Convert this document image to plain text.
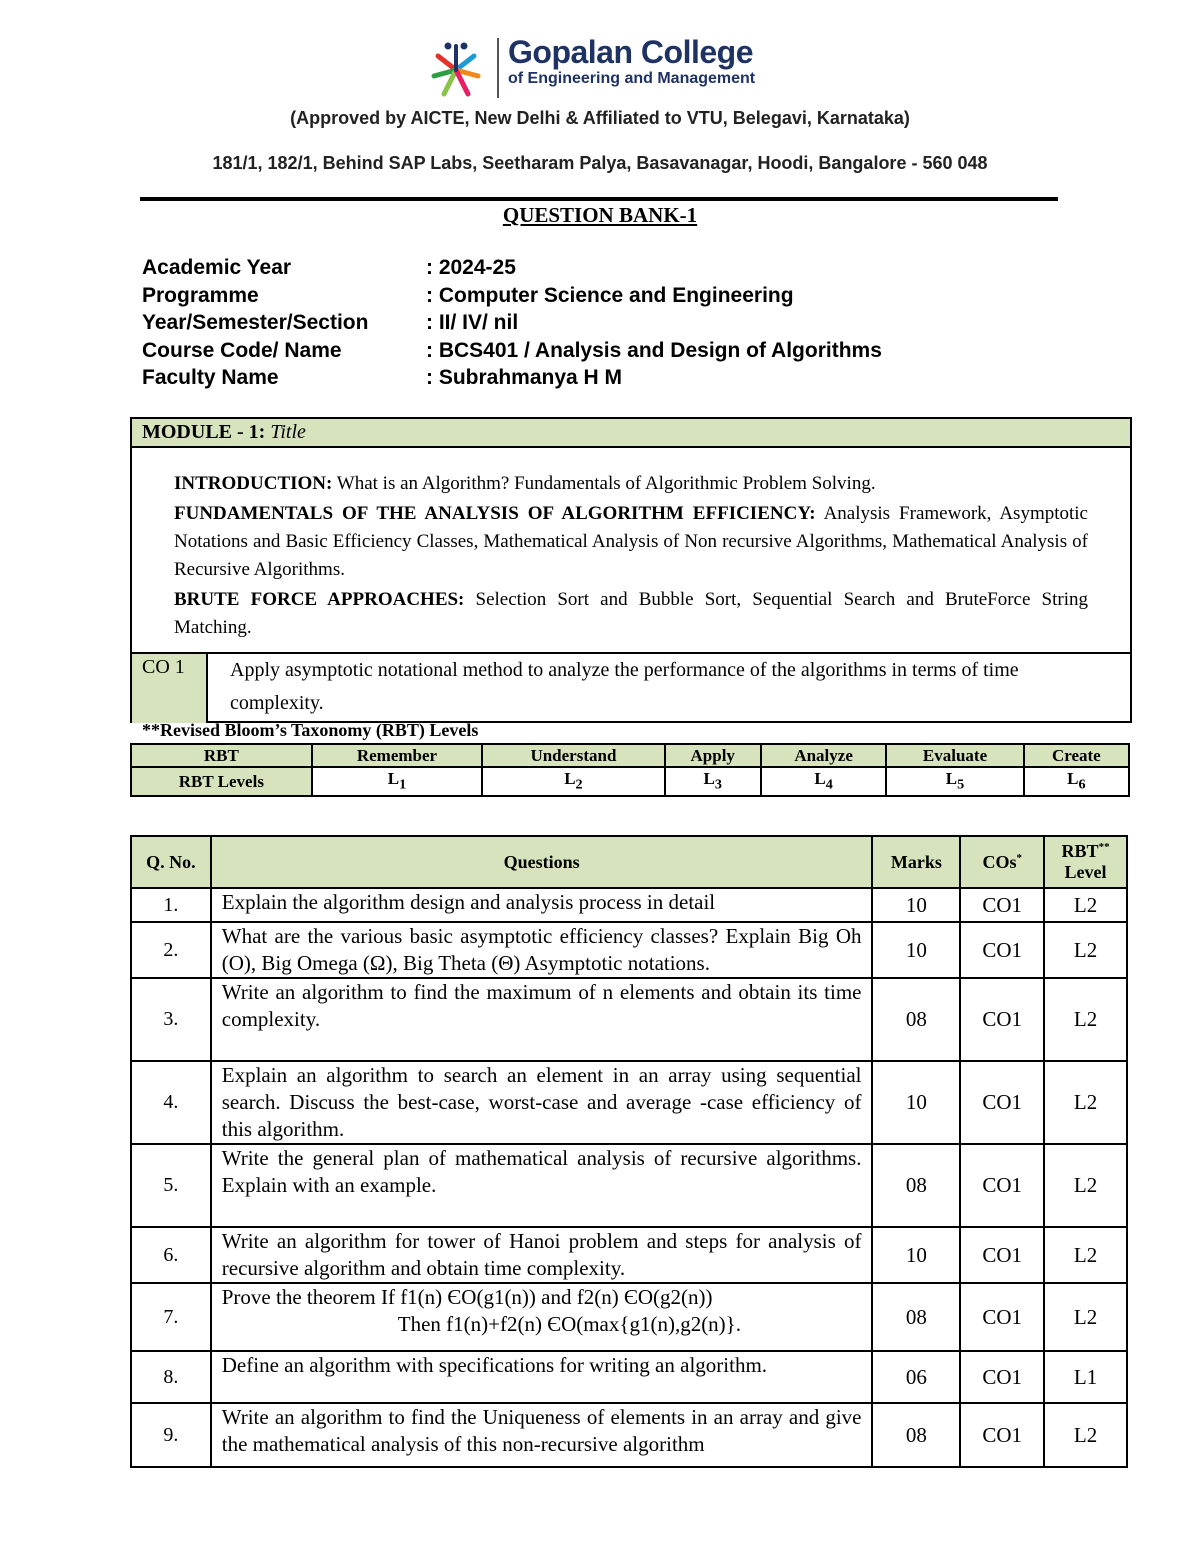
Gopalan College
of Engineering and Management
(Approved by AICTE, New Delhi & Affiliated to VTU, Belegavi, Karnataka)
181/1, 182/1, Behind SAP Labs, Seetharam Palya, Basavanagar, Hoodi, Bangalore - 560 048
QUESTION BANK-1
Academic Year	: 2024-25
Programme	: Computer Science and Engineering
Year/Semester/Section	: II/ IV/ nil
Course Code/ Name	: BCS401 / Analysis and Design of Algorithms
Faculty Name	: Subrahmanya H M
MODULE - 1: Title

INTRODUCTION: What is an Algorithm? Fundamentals of Algorithmic Problem Solving.

FUNDAMENTALS OF THE ANALYSIS OF ALGORITHM EFFICIENCY: Analysis Framework, Asymptotic Notations and Basic Efficiency Classes, Mathematical Analysis of Non recursive Algorithms, Mathematical Analysis of Recursive Algorithms.

BRUTE FORCE APPROACHES: Selection Sort and Bubble Sort, Sequential Search and BruteForce String Matching.

CO 1	Apply asymptotic notational method to analyze the performance of the algorithms in terms of time complexity.
**Revised Bloom’s Taxonomy (RBT) Levels
RBT	Remember	Understand	Apply	Analyze	Evaluate	Create
RBT Levels	$L_1$	$L_2$	$L_3$	$L_4$	$L_5$	$L_6$
Q. No.	Questions	Marks	COs*	RBT**
Level
1.	Explain the algorithm design and analysis process in detail	10	CO1	L2
2.	What are the various basic asymptotic efficiency classes? Explain Big Oh (O), Big Omega (Ω), Big Theta (Θ) Asymptotic notations.	10	CO1	L2
3.	Write an algorithm to find the maximum of n elements and obtain its time complexity.	08	CO1	L2
4.	Explain an algorithm to search an element in an array using sequential search. Discuss the best-case, worst-case and average -case efficiency of this algorithm.	10	CO1	L2
5.	Write the general plan of mathematical analysis of recursive algorithms. Explain with an example.	08	CO1	L2
6.	Write an algorithm for tower of Hanoi problem and steps for analysis of recursive algorithm and obtain time complexity.	10	CO1	L2
7.	Prove the theorem If f1(n) ЄO(g1(n)) and f2(n) ЄO(g2(n))
Then f1(n)+f2(n) ЄO(max{g1(n),g2(n)}.	08	CO1	L2
8.	Define an algorithm with specifications for writing an algorithm.	06	CO1	L1
9.	Write an algorithm to find the Uniqueness of elements in an array and give the mathematical analysis of this non-recursive algorithm	08	CO1	L2
